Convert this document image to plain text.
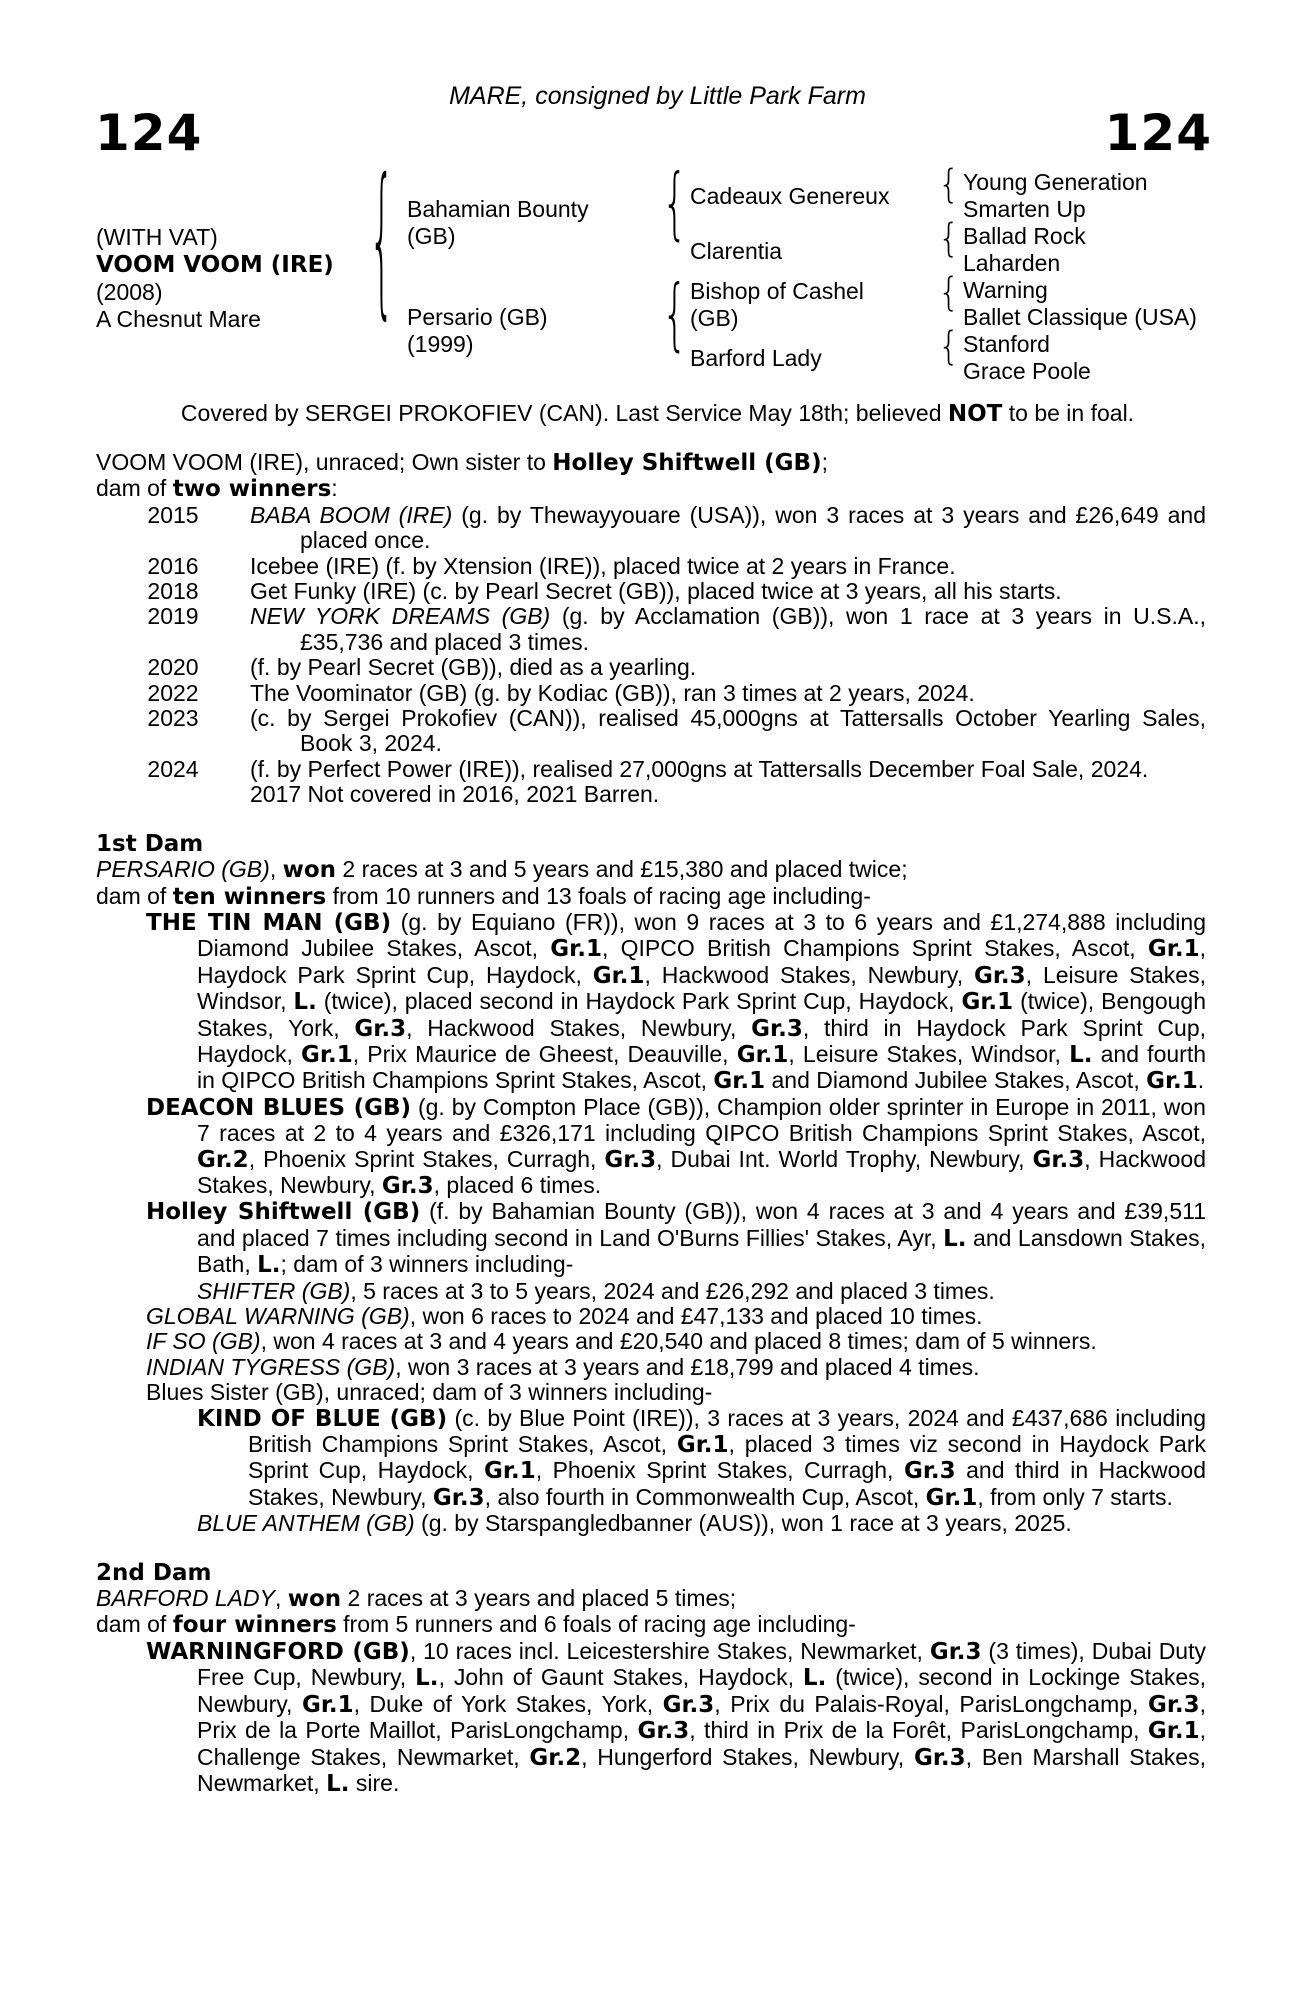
MARE, consigned by Little Park Farm
124	124
(WITH VAT)
VOOM VOOM (IRE)
(2008)
A Chesnut Mare	{	{
{
{
{
{
{
Bahamian Bounty
(GB)
Persario (GB)
(1999)
Cadeaux Genereux
Clarentia
Bishop of Cashel
(GB)
Barford Lady
Young Generation
Smarten Up
Ballad Rock
Laharden
Warning
Ballet Classique (USA)
Stanford
Grace Poole
Covered by SERGEI PROKOFIEV (CAN). Last Service May 18th; believed NOT to be in foal.
VOOM VOOM (IRE), unraced; Own sister to Holley Shiftwell (GB);
dam of two winners:
2015	BABA BOOM (IRE) (g. by Thewayyouare (USA)), won 3 races at 3 years and £26,649 and placed once.
2016	Icebee (IRE) (f. by Xtension (IRE)), placed twice at 2 years in France.
2018	Get Funky (IRE) (c. by Pearl Secret (GB)), placed twice at 3 years, all his starts.
2019	NEW YORK DREAMS (GB) (g. by Acclamation (GB)), won 1 race at 3 years in U.S.A., £35,736 and placed 3 times.
2020	(f. by Pearl Secret (GB)), died as a yearling.
2022	The Voominator (GB) (g. by Kodiac (GB)), ran 3 times at 2 years, 2024.
2023	(c. by Sergei Prokofiev (CAN)), realised 45,000gns at Tattersalls October Yearling Sales, Book 3, 2024.
2024	(f. by Perfect Power (IRE)), realised 27,000gns at Tattersalls December Foal Sale, 2024.
2017 Not covered in 2016, 2021 Barren.
1st Dam
PERSARIO (GB), won 2 races at 3 and 5 years and £15,380 and placed twice;
dam of ten winners from 10 runners and 13 foals of racing age including-
THE TIN MAN (GB) (g. by Equiano (FR)), won 9 races at 3 to 6 years and £1,274,888 including Diamond Jubilee Stakes, Ascot, Gr.1, QIPCO British Champions Sprint Stakes, Ascot, Gr.1, Haydock Park Sprint Cup, Haydock, Gr.1, Hackwood Stakes, Newbury, Gr.3, Leisure Stakes, Windsor, L. (twice), placed second in Haydock Park Sprint Cup, Haydock, Gr.1 (twice), Bengough Stakes, York, Gr.3, Hackwood Stakes, Newbury, Gr.3, third in Haydock Park Sprint Cup, Haydock, Gr.1, Prix Maurice de Gheest, Deauville, Gr.1, Leisure Stakes, Windsor, L. and fourth in QIPCO British Champions Sprint Stakes, Ascot, Gr.1 and Diamond Jubilee Stakes, Ascot, Gr.1.
DEACON BLUES (GB) (g. by Compton Place (GB)), Champion older sprinter in Europe in 2011, won 7 races at 2 to 4 years and £326,171 including QIPCO British Champions Sprint Stakes, Ascot, Gr.2, Phoenix Sprint Stakes, Curragh, Gr.3, Dubai Int. World Trophy, Newbury, Gr.3, Hackwood Stakes, Newbury, Gr.3, placed 6 times.
Holley Shiftwell (GB) (f. by Bahamian Bounty (GB)), won 4 races at 3 and 4 years and £39,511 and placed 7 times including second in Land O'Burns Fillies' Stakes, Ayr, L. and Lansdown Stakes, Bath, L.; dam of 3 winners including-
SHIFTER (GB), 5 races at 3 to 5 years, 2024 and £26,292 and placed 3 times.
GLOBAL WARNING (GB), won 6 races to 2024 and £47,133 and placed 10 times.
IF SO (GB), won 4 races at 3 and 4 years and £20,540 and placed 8 times; dam of 5 winners.
INDIAN TYGRESS (GB), won 3 races at 3 years and £18,799 and placed 4 times.
Blues Sister (GB), unraced; dam of 3 winners including-
KIND OF BLUE (GB) (c. by Blue Point (IRE)), 3 races at 3 years, 2024 and £437,686 including British Champions Sprint Stakes, Ascot, Gr.1, placed 3 times viz second in Haydock Park Sprint Cup, Haydock, Gr.1, Phoenix Sprint Stakes, Curragh, Gr.3 and third in Hackwood Stakes, Newbury, Gr.3, also fourth in Commonwealth Cup, Ascot, Gr.1, from only 7 starts.
BLUE ANTHEM (GB) (g. by Starspangledbanner (AUS)), won 1 race at 3 years, 2025.
2nd Dam
BARFORD LADY, won 2 races at 3 years and placed 5 times;
dam of four winners from 5 runners and 6 foals of racing age including-
WARNINGFORD (GB), 10 races incl. Leicestershire Stakes, Newmarket, Gr.3 (3 times), Dubai Duty Free Cup, Newbury, L., John of Gaunt Stakes, Haydock, L. (twice), second in Lockinge Stakes, Newbury, Gr.1, Duke of York Stakes, York, Gr.3, Prix du Palais-Royal, ParisLongchamp, Gr.3, Prix de la Porte Maillot, ParisLongchamp, Gr.3, third in Prix de la Forêt, ParisLongchamp, Gr.1, Challenge Stakes, Newmarket, Gr.2, Hungerford Stakes, Newbury, Gr.3, Ben Marshall Stakes, Newmarket, L. sire.
